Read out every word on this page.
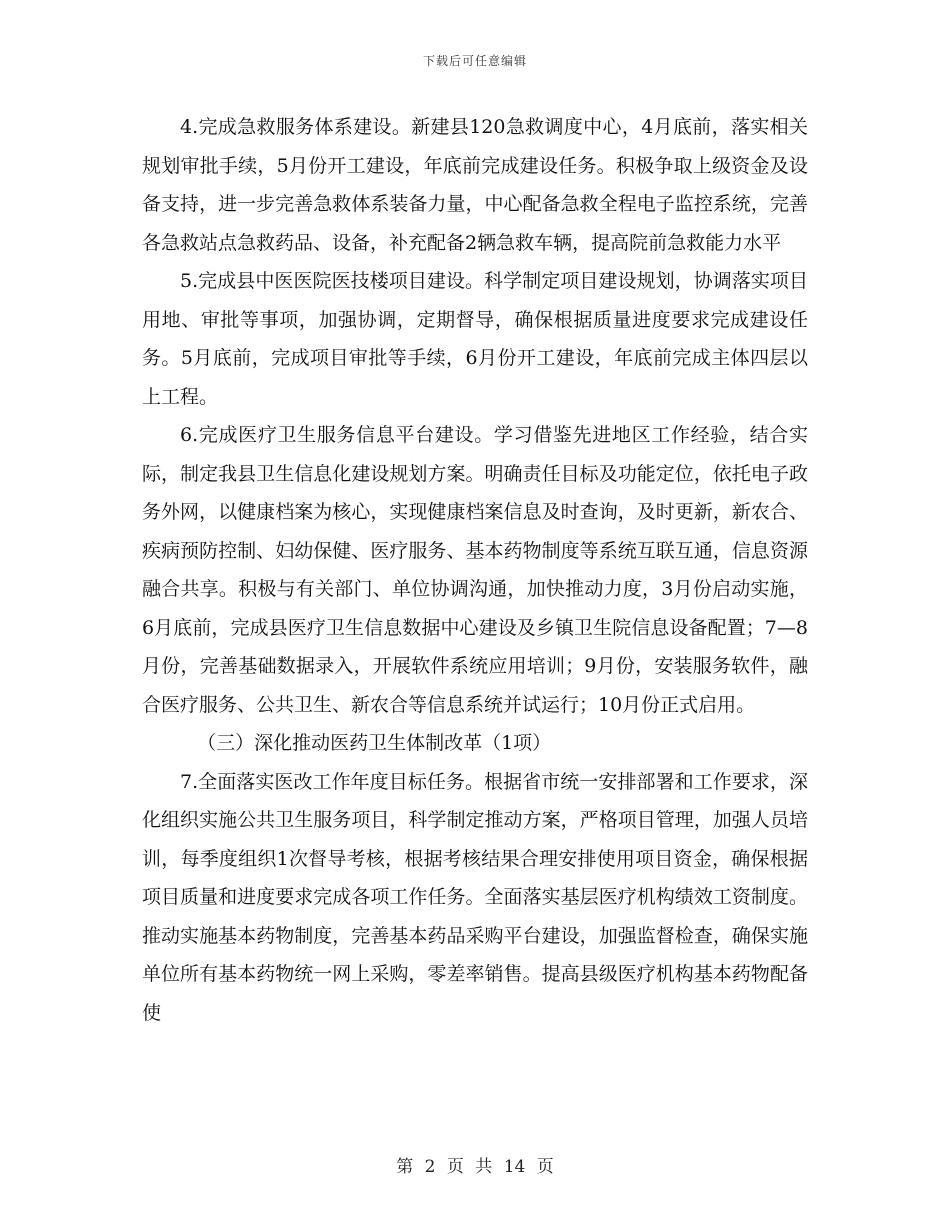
下载后可任意编辑

4.完成急救服务体系建设。新建县120急救调度中心，4月底前，落实相关规划审批手续，5月份开工建设，年底前完成建设任务。积极争取上级资金及设备支持，进一步完善急救体系装备力量，中心配备急救全程电子监控系统，完善各急救站点急救药品、设备，补充配备2辆急救车辆，提高院前急救能力水平

5.完成县中医医院医技楼项目建设。科学制定项目建设规划，协调落实项目用地、审批等事项，加强协调，定期督导，确保根据质量进度要求完成建设任务。5月底前，完成项目审批等手续，6月份开工建设，年底前完成主体四层以上工程。

6.完成医疗卫生服务信息平台建设。学习借鉴先进地区工作经验，结合实际，制定我县卫生信息化建设规划方案。明确责任目标及功能定位，依托电子政务外网，以健康档案为核心，实现健康档案信息及时查询，及时更新，新农合、疾病预防控制、妇幼保健、医疗服务、基本药物制度等系统互联互通，信息资源融合共享。积极与有关部门、单位协调沟通，加快推动力度，3月份启动实施，6月底前，完成县医疗卫生信息数据中心建设及乡镇卫生院信息设备配置；7—8月份，完善基础数据录入，开展软件系统应用培训；9月份，安装服务软件，融合医疗服务、公共卫生、新农合等信息系统并试运行；10月份正式启用。

（三）深化推动医药卫生体制改革（1项）

7.全面落实医改工作年度目标任务。根据省市统一安排部署和工作要求，深化组织实施公共卫生服务项目，科学制定推动方案，严格项目管理，加强人员培训，每季度组织1次督导考核，根据考核结果合理安排使用项目资金，确保根据项目质量和进度要求完成各项工作任务。全面落实基层医疗机构绩效工资制度。推动实施基本药物制度，完善基本药品采购平台建设，加强监督检查，确保实施单位所有基本药物统一网上采购，零差率销售。提高县级医疗机构基本药物配备使

第 2 页 共 14 页
